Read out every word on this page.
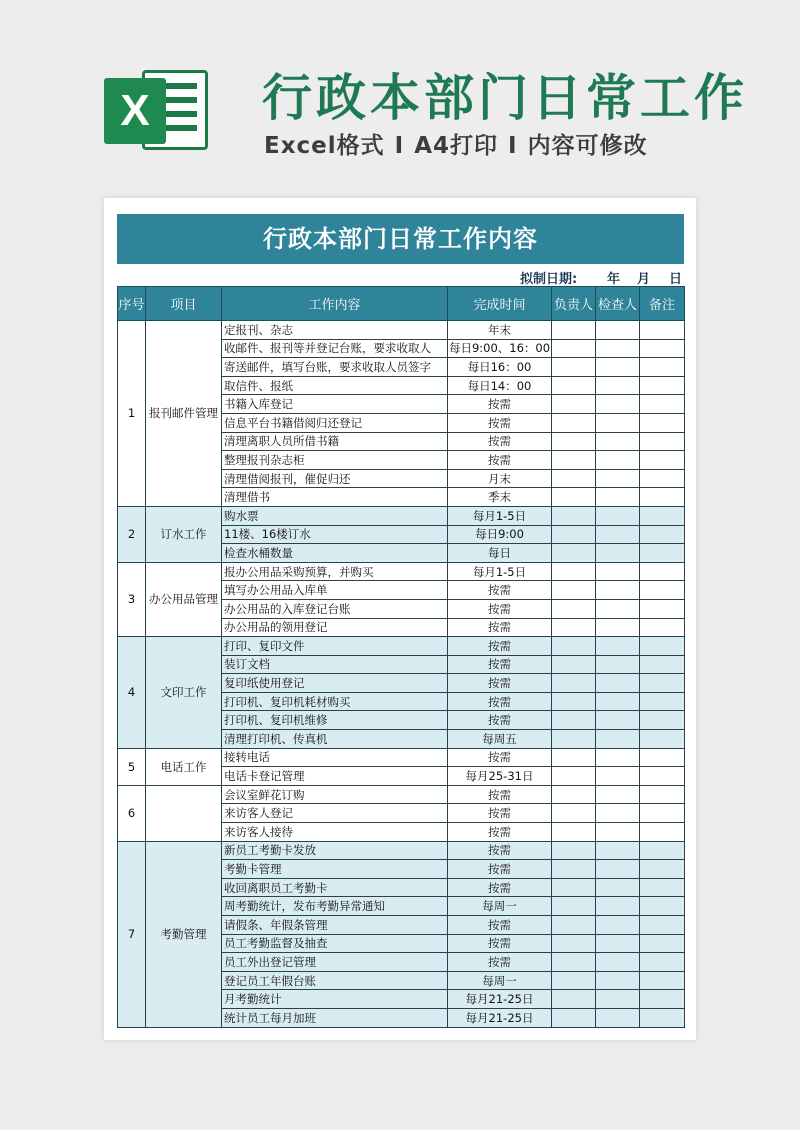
X	行政本部门日常工作
Excel格式 I A4打印 I 内容可修改
行政本部门日常工作内容
拟制日期: 年 月 日
序号	项目	工作内容	完成时间	负责人	检查人	备注
1	报刊邮件管理	定报刊、杂志	年末			
		收邮件、报刊等并登记台账，要求收取人	每日9:00、16：00			
		寄送邮件，填写台账，要求收取人员签字	每日16：00			
		取信件、报纸	每日14：00			
		书籍入库登记	按需			
		信息平台书籍借阅归还登记	按需			
		清理离职人员所借书籍	按需			
		整理报刊杂志柜	按需			
		清理借阅报刊，催促归还	月末			
		清理借书	季末			
2	订水工作	购水票	每月1-5日			
		11楼、16楼订水	每日9:00			
		检查水桶数量	每日			
3	办公用品管理	报办公用品采购预算，并购买	每月1-5日			
		填写办公用品入库单	按需			
		办公用品的入库登记台账	按需			
		办公用品的领用登记	按需			
4	文印工作	打印、复印文件	按需			
		装订文档	按需			
		复印纸使用登记	按需			
		打印机、复印机耗材购买	按需			
		打印机、复印机维修	按需			
		清理打印机、传真机	每周五			
5	电话工作	接转电话	按需			
		电话卡登记管理	每月25-31日			
6		会议室鲜花订购	按需			
		来访客人登记	按需			
		来访客人接待	按需			
7	考勤管理	新员工考勤卡发放	按需			
		考勤卡管理	按需			
		收回离职员工考勤卡	按需			
		周考勤统计，发布考勤异常通知	每周一			
		请假条、年假条管理	按需			
		员工考勤监督及抽查	按需			
		员工外出登记管理	按需			
		登记员工年假台账	每周一			
		月考勤统计	每月21-25日			
		统计员工每月加班	每月21-25日			
